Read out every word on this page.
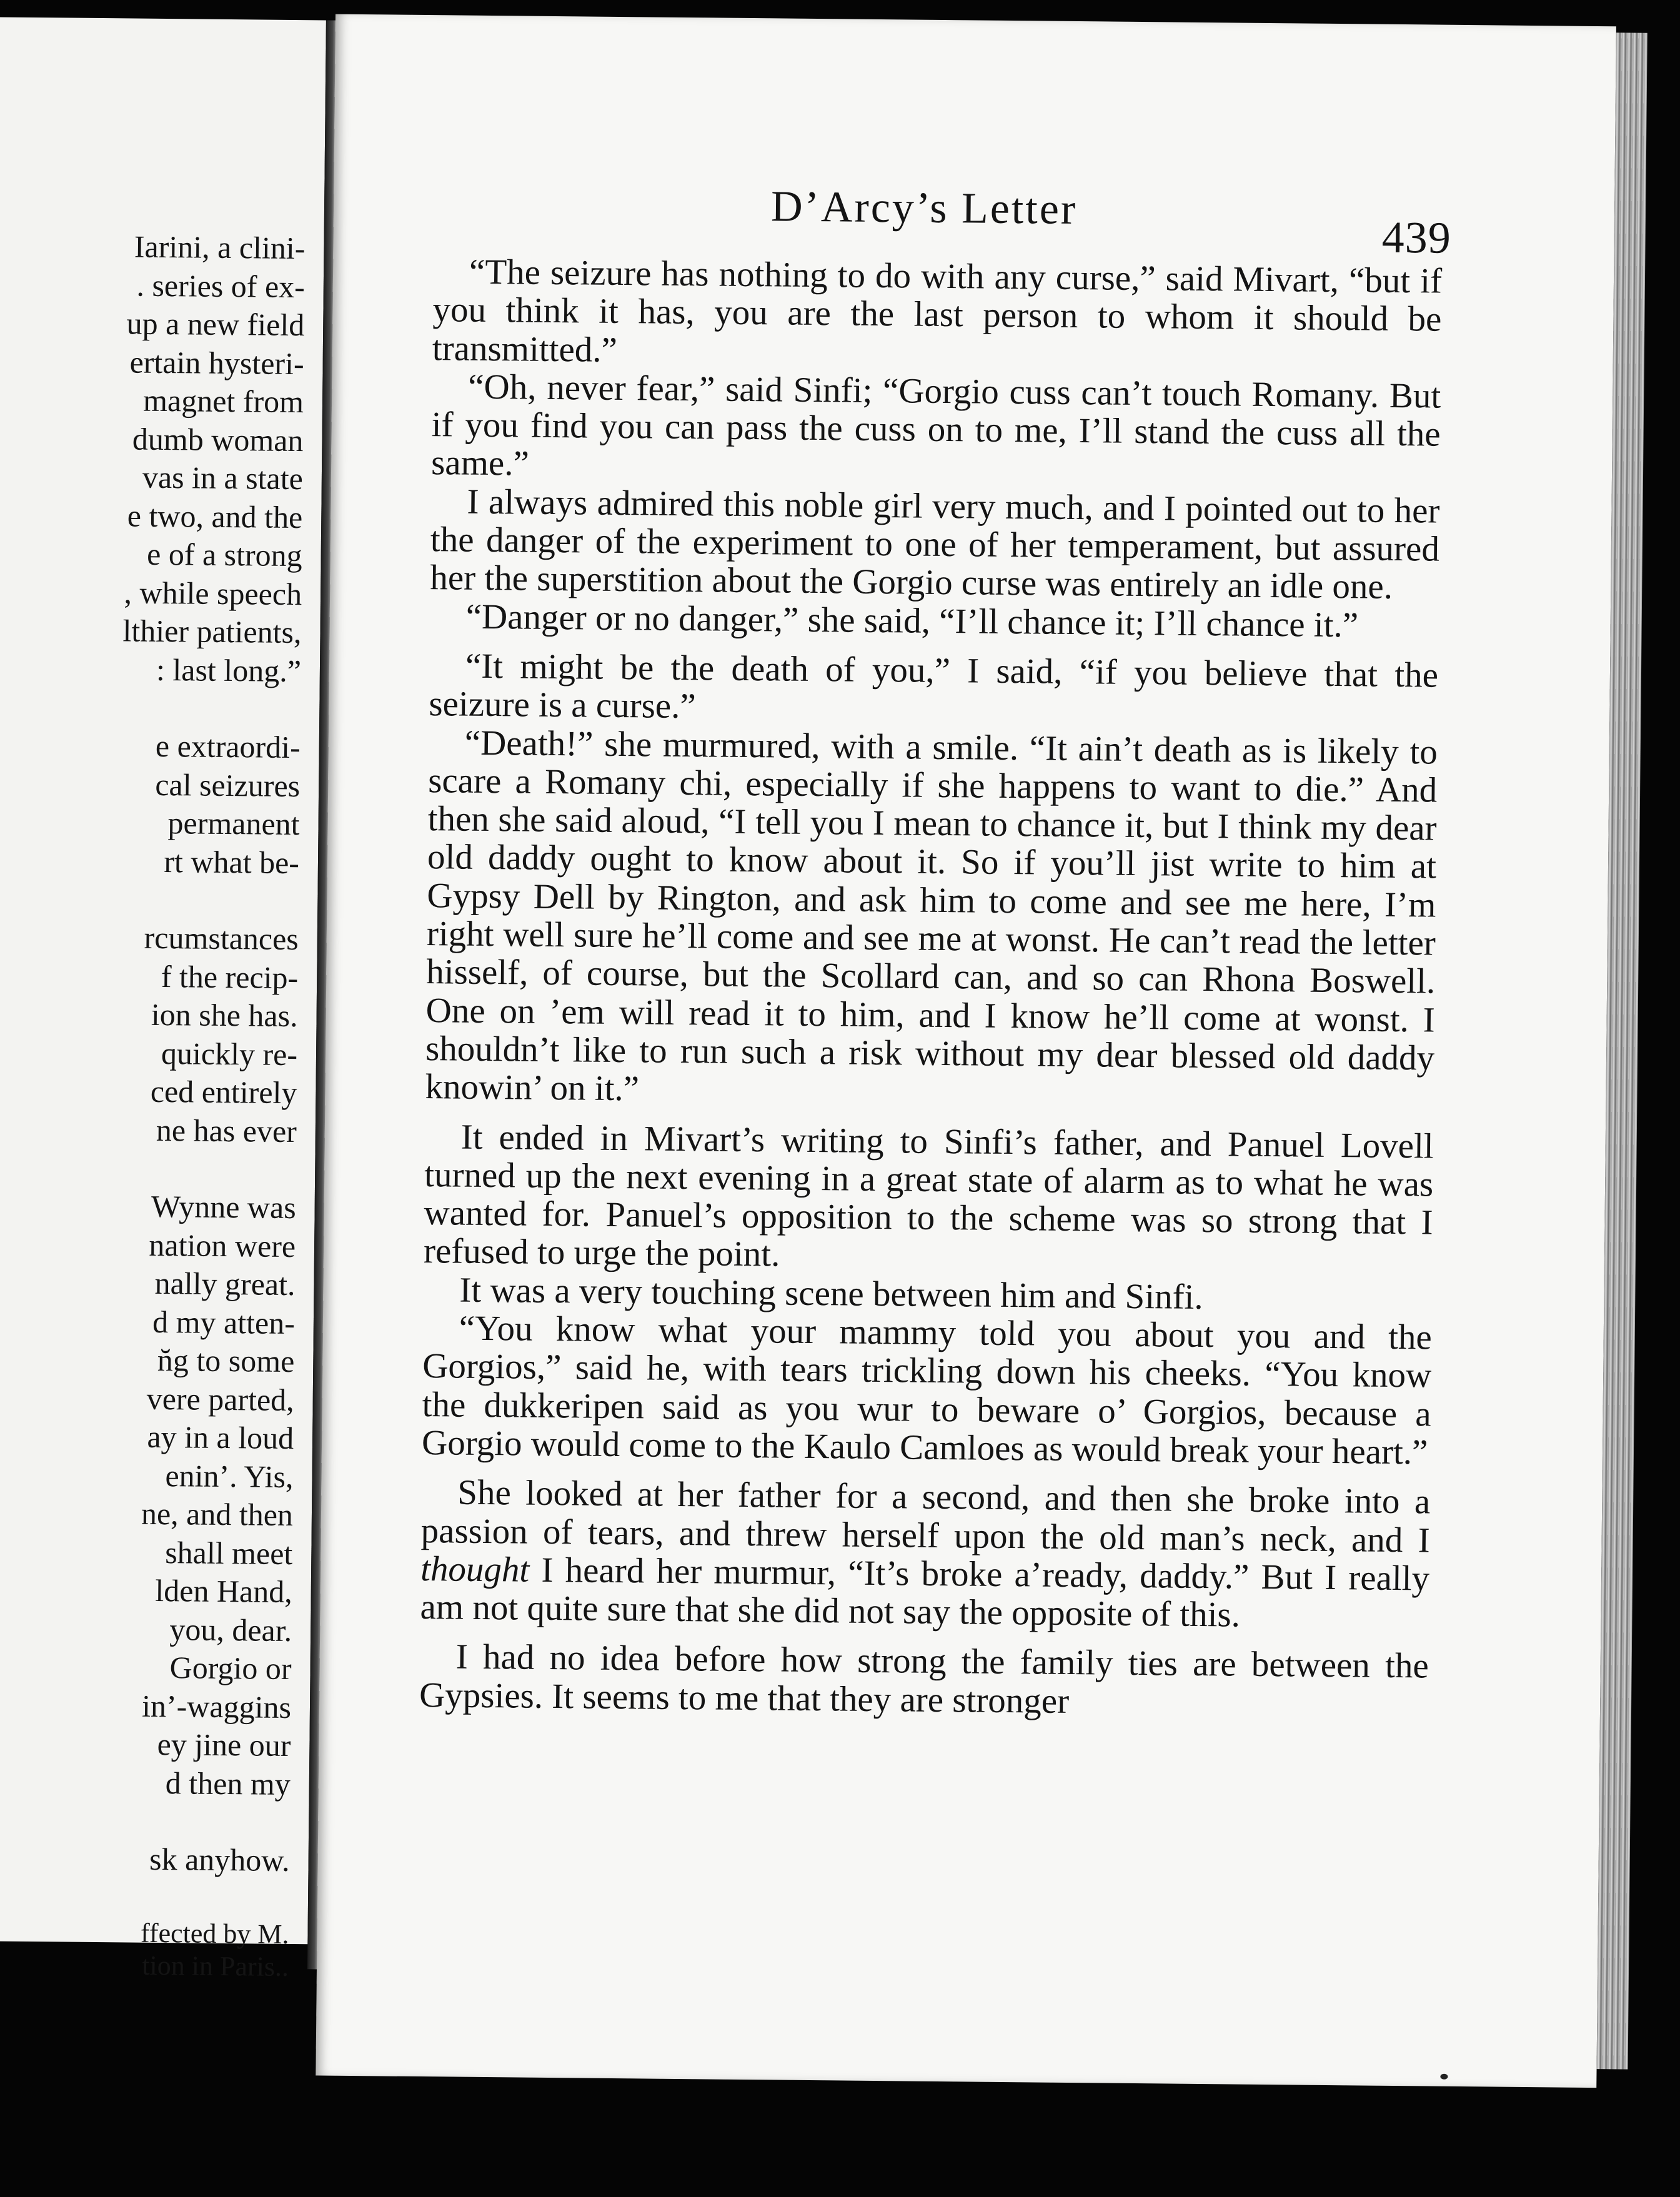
Iarini, a clini-
. series of ex-
up a new field
ertain hysteri-
magnet from
dumb woman
vas in a state
e two, and the
e of a strong
, while speech
lthier patients,
: last long.”
e extraordi-
cal seizures
permanent
rt what be-
rcumstances
f the recip-
ion she has.
quickly re-
ced entirely
ne has ever
Wynne was
nation were
nally great.
d my atten-
n̆g to some
vere parted,
ay in a loud
enin’. Yis,
ne, and then
shall meet
lden Hand,
you, dear.
Gorgio or
in’-waggins
ey jine our
d then my
sk anyhow.
ffected by M.
tion in Paris..
D’Arcy’s Letter
439

“The seizure has nothing to do with any curse,” said Mivart, “but if you think it has, you are the last person to whom it should be transmitted.”

“Oh, never fear,” said Sinfi; “Gorgio cuss can’t touch Romany. But if you find you can pass the cuss on to me, I’ll stand the cuss all the same.”

I always admired this noble girl very much, and I pointed out to her the danger of the experiment to one of her temperament, but assured her the superstition about the Gorgio curse was entirely an idle one.

“Danger or no danger,” she said, “I’ll chance it; I’ll chance it.”

“It might be the death of you,” I said, “if you believe that the seizure is a curse.”

“Death!” she murmured, with a smile. “It ain’t death as is likely to scare a Romany chi, especially if she happens to want to die.” And then she said aloud, “I tell you I mean to chance it, but I think my dear old daddy ought to know about it. So if you’ll jist write to him at Gypsy Dell by Rington, and ask him to come and see me here, I’m right well sure he’ll come and see me at wonst. He can’t read the letter hisself, of course, but the Scollard can, and so can Rhona Boswell. One on ’em will read it to him, and I know he’ll come at wonst. I shouldn’t like to run such a risk without my dear blessed old daddy knowin’ on it.”

It ended in Mivart’s writing to Sinfi’s father, and Panuel Lovell turned up the next evening in a great state of alarm as to what he was wanted for. Panuel’s opposition to the scheme was so strong that I refused to urge the point.

It was a very touching scene between him and Sinfi.

“You know what your mammy told you about you and the Gorgios,” said he, with tears trickling down his cheeks. “You know the dukkeripen said as you wur to beware o’ Gorgios, because a Gorgio would come to the Kaulo Camloes as would break your heart.”

She looked at her father for a second, and then she broke into a passion of tears, and threw herself upon the old man’s neck, and I thought I heard her murmur, “It’s broke a’ready, daddy.” But I really am not quite sure that she did not say the opposite of this.

I had no idea before how strong the family ties are between the Gypsies. It seems to me that they are stronger
